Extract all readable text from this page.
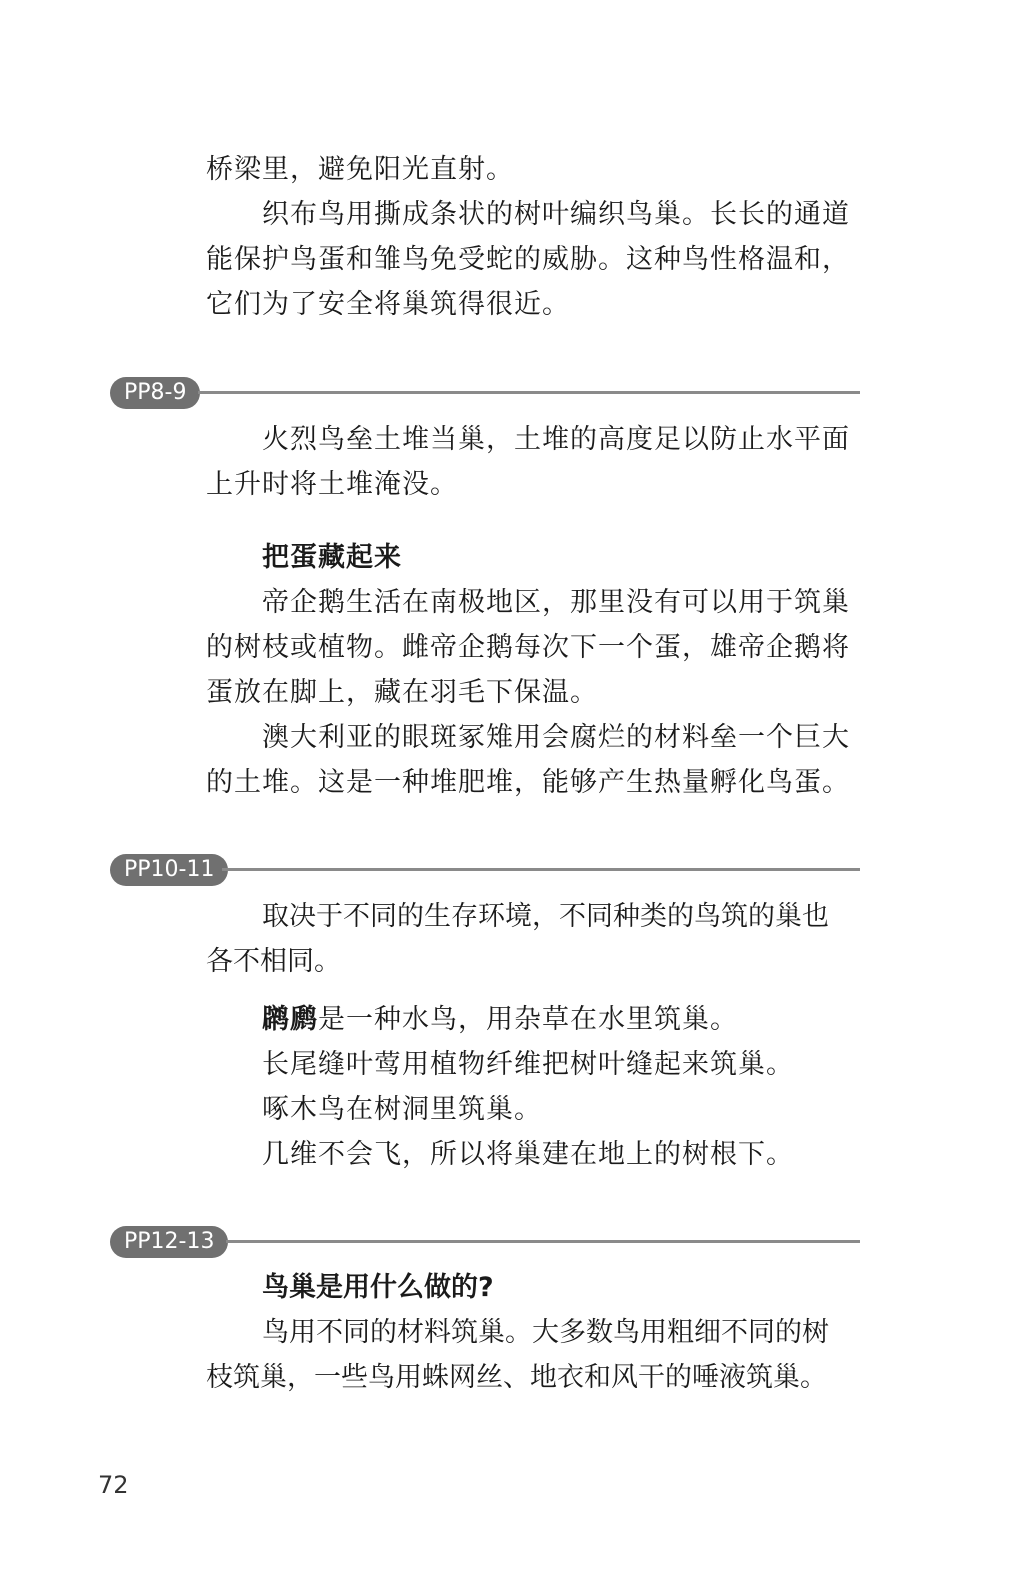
桥梁里，避免阳光直射。
织布鸟用撕成条状的树叶编织鸟巢。长长的通道
能保护鸟蛋和雏鸟免受蛇的威胁。这种鸟性格温和，
它们为了安全将巢筑得很近。
PP8-9
火烈鸟垒土堆当巢，土堆的高度足以防止水平面
上升时将土堆淹没。
把蛋藏起来
帝企鹅生活在南极地区，那里没有可以用于筑巢
的树枝或植物。雌帝企鹅每次下一个蛋，雄帝企鹅将
蛋放在脚上，藏在羽毛下保温。
澳大利亚的眼斑冢雉用会腐烂的材料垒一个巨大
的土堆。这是一种堆肥堆，能够产生热量孵化鸟蛋。
PP10-11
取决于不同的生存环境，不同种类的鸟筑的巢也
各不相同。
䴙䴘是一种水鸟，用杂草在水里筑巢。
长尾缝叶莺用植物纤维把树叶缝起来筑巢。
啄木鸟在树洞里筑巢。
几维不会飞，所以将巢建在地上的树根下。
PP12-13
鸟巢是用什么做的?
鸟用不同的材料筑巢。大多数鸟用粗细不同的树
枝筑巢，一些鸟用蛛网丝、地衣和风干的唾液筑巢。
72
